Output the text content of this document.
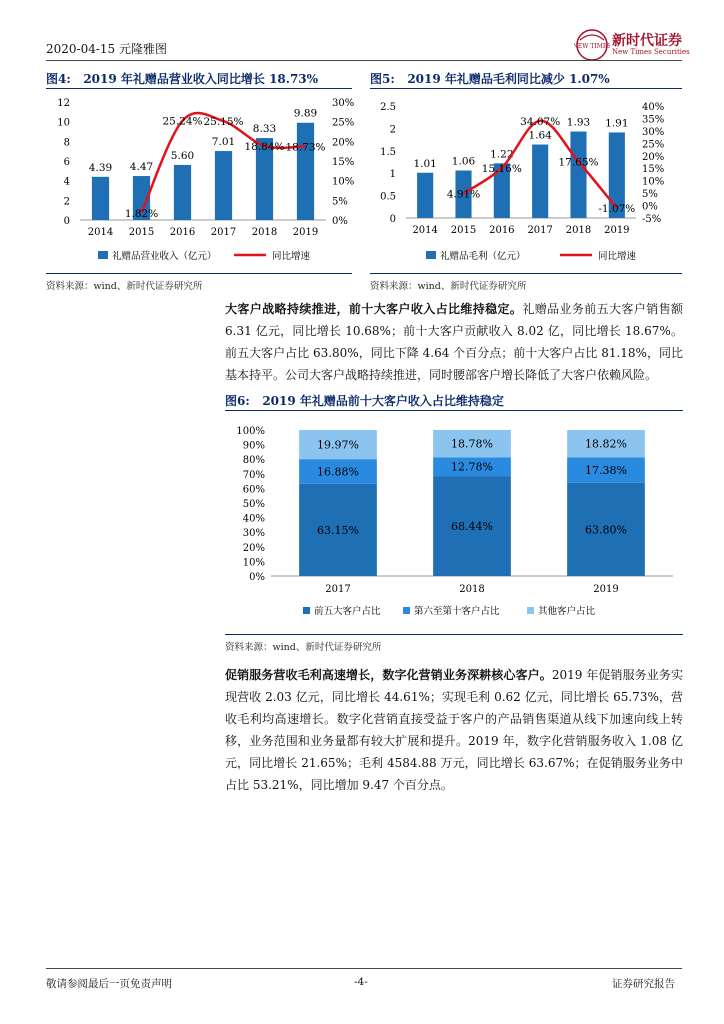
2020-04-15 元隆雅图	NEW TIMES 新时代证券
New Times Securities
图4:   2019 年礼赠品营业收入同比增长 18.73%
0
2
4
6
8
10
12
0%
5%
10%
15%
20%
25%
30%
4.39 4.47
5.60
7.01
8.33
9.89
2014 2015 2016 2017 2018 2019
1.82%
25.24% 25.15%
18.84% 18.73%
礼赠品营业收入（亿元）	同比增速
资料来源：wind、新时代证券研究所
图5:   2019 年礼赠品毛利同比减少 1.07%
0
0.5
1
1.5
2
2.5
-5%
0%
5%
10%
15%
20%
25%
30%
35%
40%
1.01 1.06
1.22
1.64
1.93 1.91
2014 2015 2016 2017 2018 2019
4.91%
15.16%
34.07%
17.65%
-1.07%
礼赠品毛利（亿元）	同比增速
资料来源：wind、新时代证券研究所
大客户战略持续推进，前十大客户收入占比维持稳定。礼赠品业务前五大客户销售额 6.31 亿元，同比增长 10.68%；前十大客户贡献收入 8.02 亿，同比增长 18.67%。前五大客户占比 63.80%，同比下降 4.64 个百分点；前十大客户占比 81.18%，同比基本持平。公司大客户战略持续推进，同时腰部客户增长降低了大客户依赖风险。
图6:   2019 年礼赠品前十大客户收入占比维持稳定
0%
10%
20%
30%
40%
50%
60%
70%
80%
90%
100%
63.15%
16.88%
19.97%
2017
68.44%
12.78%
18.78%
2018
63.80%
17.38%
18.82%
2019
前五大客户占比	第六至第十客户占比	其他客户占比
资料来源：wind、新时代证券研究所
促销服务营收毛利高速增长，数字化营销业务深耕核心客户。2019 年促销服务业务实现营收 2.03 亿元，同比增长 44.61%；实现毛利 0.62 亿元，同比增长 65.73%，营收毛利均高速增长。数字化营销直接受益于客户的产品销售渠道从线下加速向线上转移，业务范围和业务量都有较大扩展和提升。2019 年，数字化营销服务收入 1.08 亿元，同比增长 21.65%；毛利 4584.88 万元，同比增长 63.67%；在促销服务业务中占比 53.21%，同比增加 9.47 个百分点。
敬请参阅最后一页免责声明	-4-	证券研究报告
